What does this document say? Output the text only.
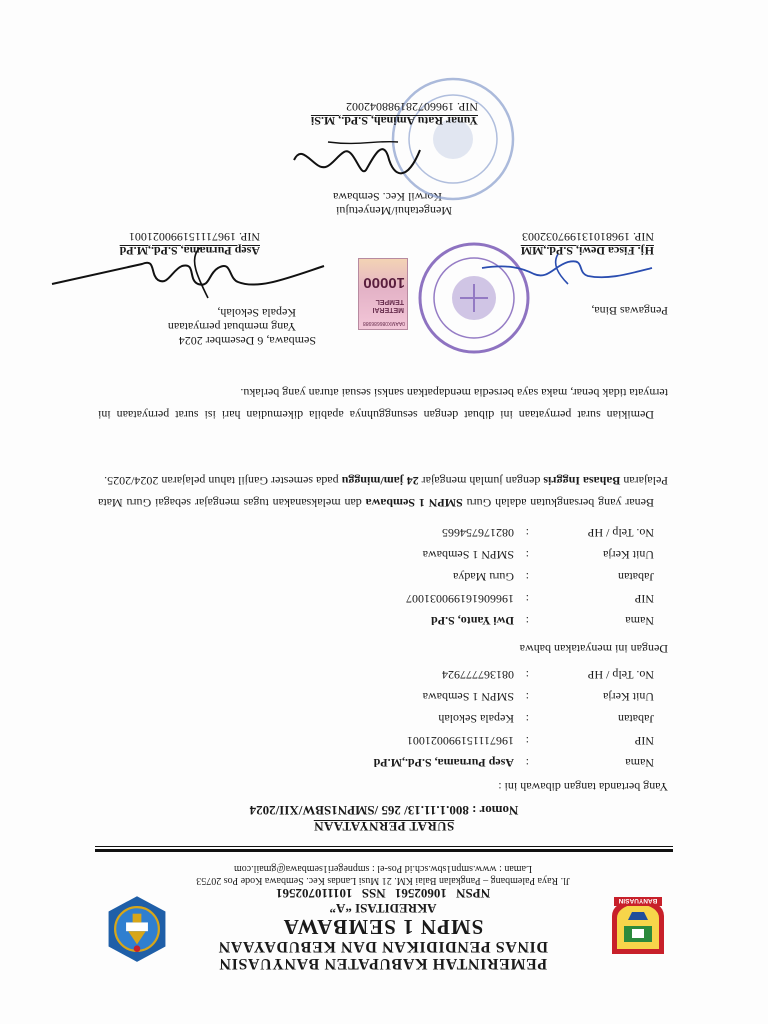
BANYUASIN
PEMERINTAH KABUPATEN BANYUASIN
DINAS PENDIDIKAN DAN KEBUDAYAAN
SMPN 1 SEMBAWA
AKREDITASI “A”
NPSN 10602561 NSS 101110702561
Jl. Raya Palembang – Pangkalan Balai KM. 21 Musi Landas Kec. Sembawa Kode Pos 20753
Laman : www.smpn1sbw.sch.id Pos-el : smpnegeri1sembawa@gmail.com
SURAT PERNYATAAN
Nomor : 800.1.11.13/ 265 /SMPN1SBW/XII/2024
Yang bertanda tangan dibawah ini :
Nama
:
Asep Purnama, S.Pd.,M.Pd
NIP
:
196711151990021001
Jabatan
:
Kepala Sekolah
Unit Kerja
:
SMPN 1 Sembawa
No. Telp / HP
:
081367777924
Dengan ini menyatakan bahwa
Nama
:
Dwi Yanto, S.Pd
NIP
:
196606161990031007
Jabatan
:
Guru Madya
Unit Kerja
:
SMPN 1 Sembawa
No. Telp / HP
:
082176754665
Benar yang bersangkutan adalah Guru SMPN 1 Sembawa dan melaksanakan tugas mengajar sebagai Guru Mata Pelajaran Bahasa Inggris dengan jumlah mengajar 24 jam/minggu pada semester Ganjil tahun pelajaran 2024/2025.
Demikian surat pernyataan ini dibuat dengan sesungguhnya apabila dikemudian hari isi surat pernyataan ini ternyata tidak benar, maka saya bersedia mendapatkan sanksi sesuai aturan yang berlaku.
Sembawa, 6 Desember 2024
Yang membuat pernyataan
Kepala Sekolah,
0AAMX086686988
METERAI TEMPEL
10000
Asep Purnama, S.Pd.,M.Pd
NIP. 196711151990021001
Pengawas Bina,
Hj. Fisca Dewi, S.Pd.,MM
NIP. 196810131997032003
Mengetahui/Menyetujui
Korwil Kec. Sembawa
Yunar Ratu Aminah, S.Pd., M.Si
NIP. 196607281988042002
